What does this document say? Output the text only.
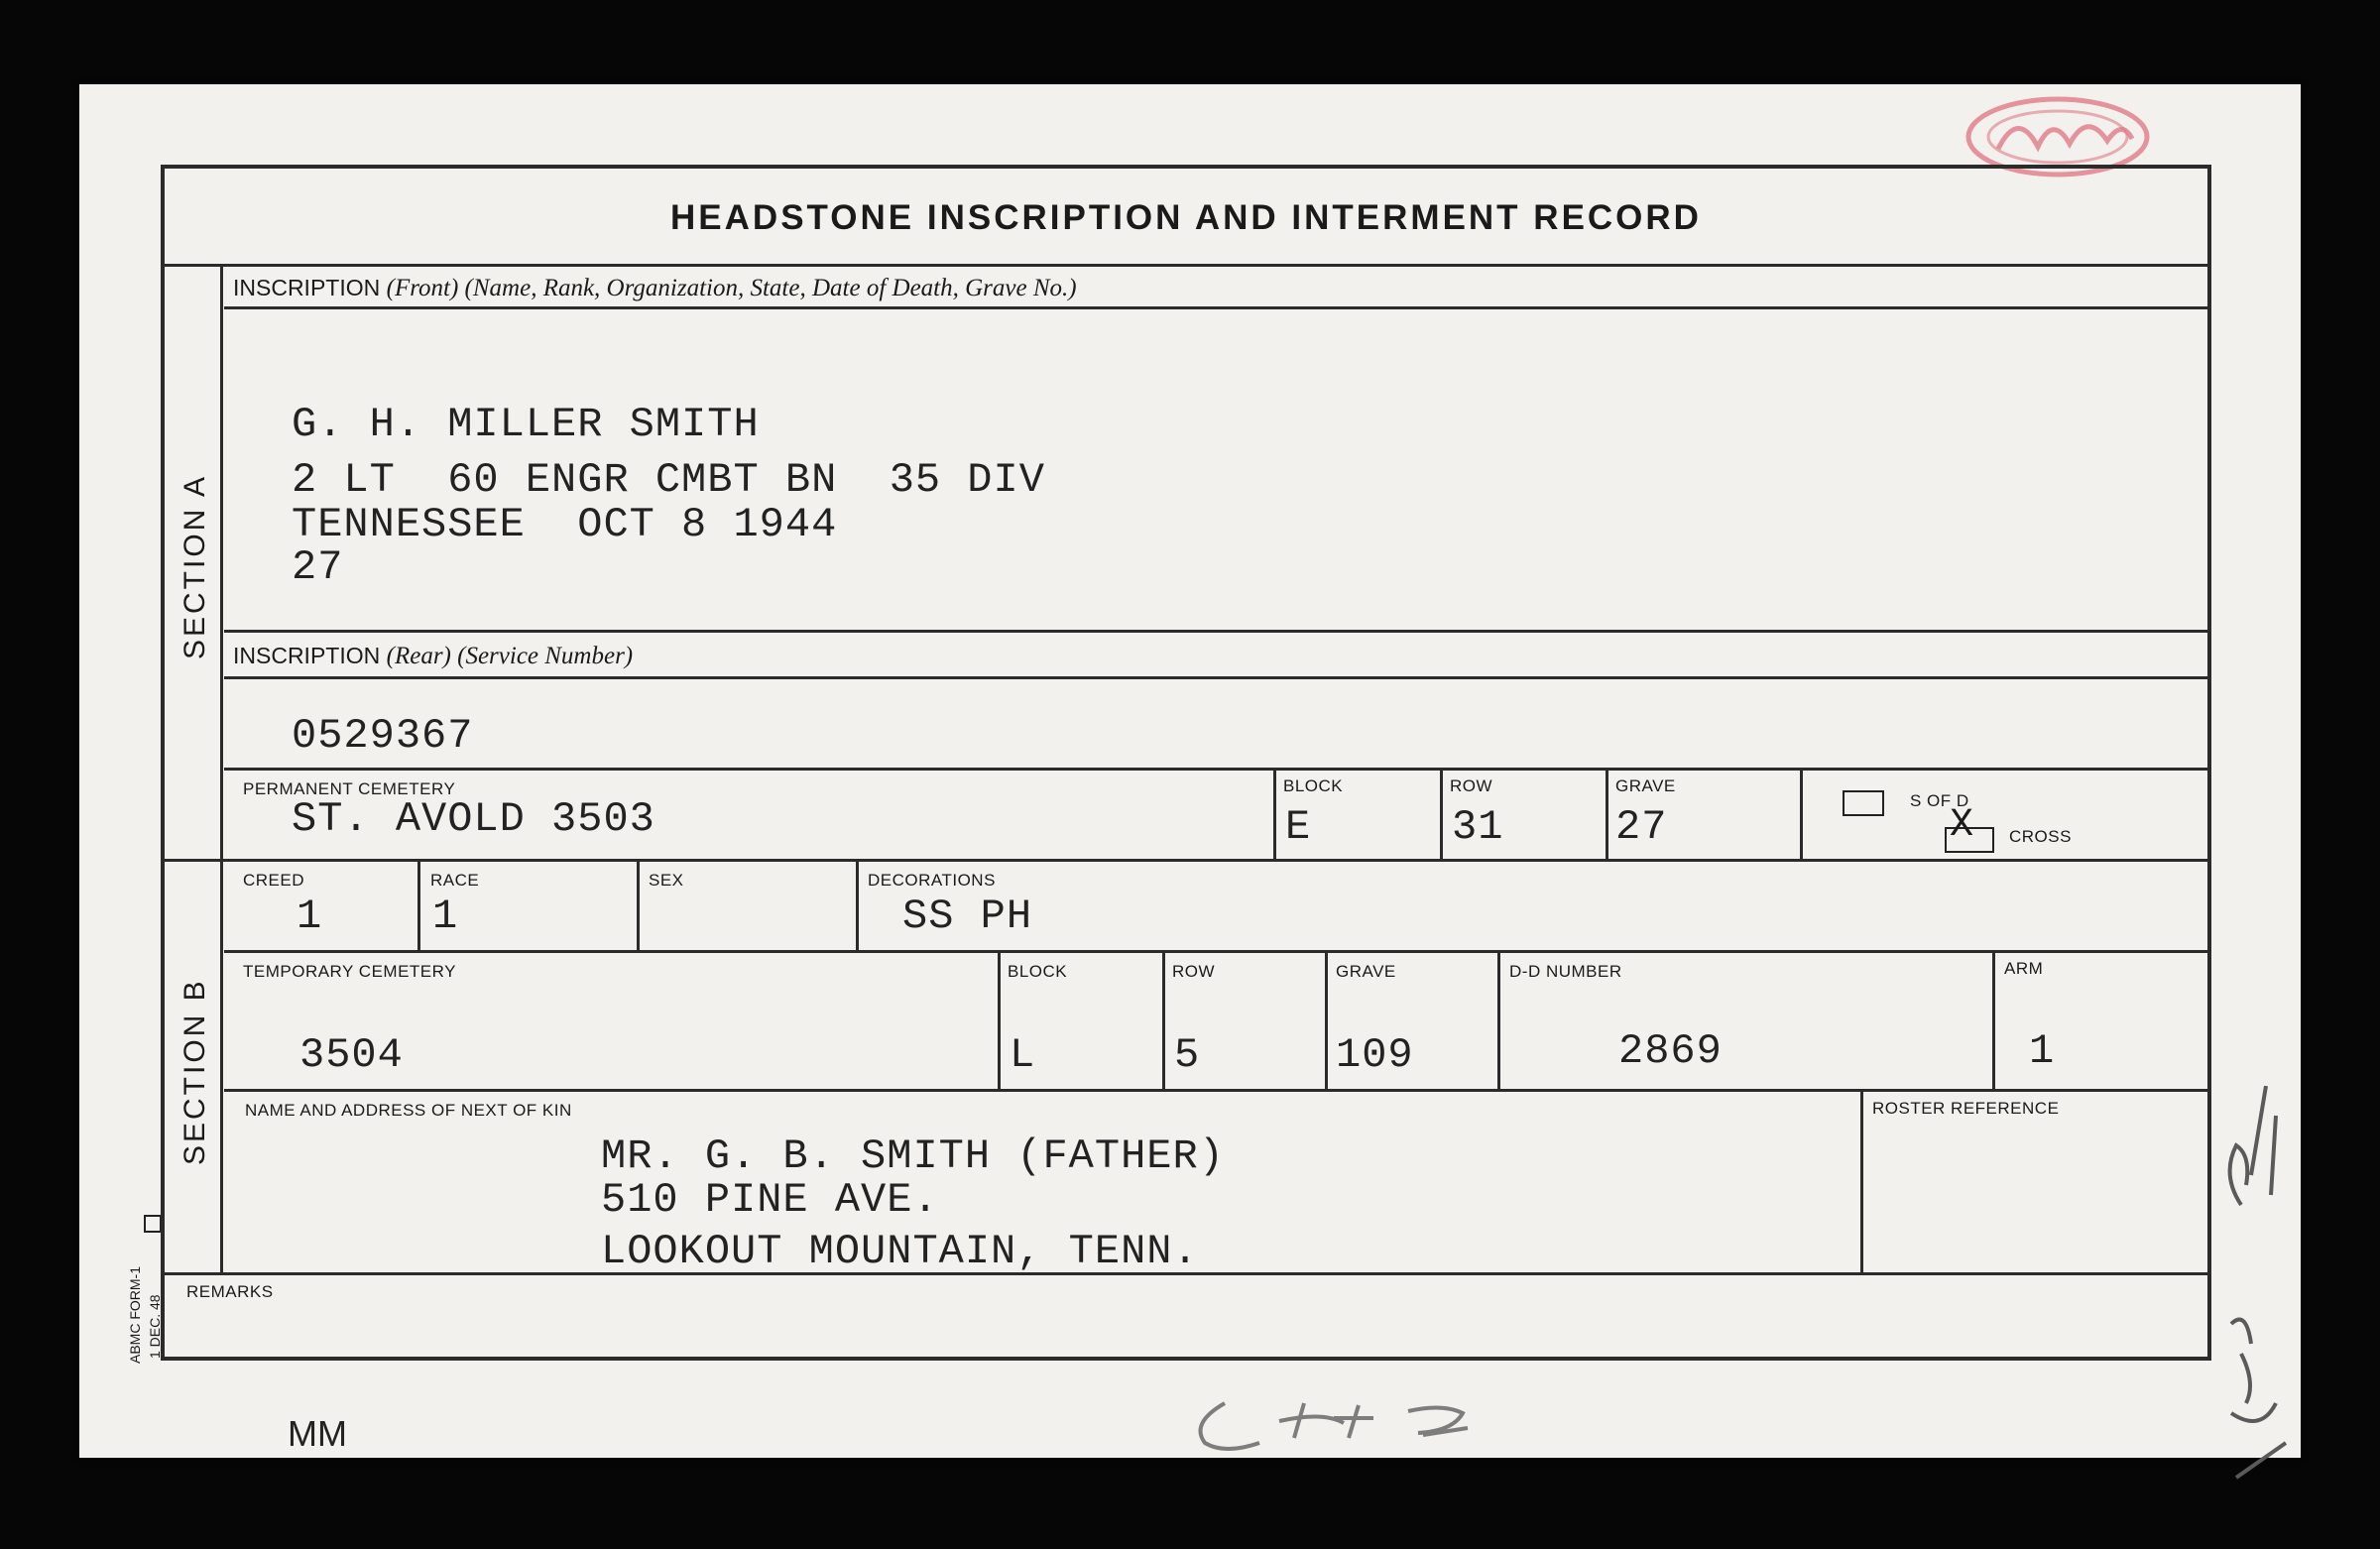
MM
ABMC FORM-1 1 DEC. 48
HEADSTONE INSCRIPTION AND INTERMENT RECORD
SECTION A
SECTION B
INSCRIPTION (Front) (Name, Rank, Organization, State, Date of Death, Grave No.)
G. H. MILLER SMITH
2 LT  60 ENGR CMBT BN  35 DIV
TENNESSEE  OCT 8 1944
27
INSCRIPTION (Rear) (Service Number)
0529367
PERMANENT CEMETERY
ST. AVOLD 3503
BLOCK
E
ROW
31
GRAVE
27
S OF D
X CROSS
CREED
1
RACE
1
SEX	DECORATIONS
SS PH
TEMPORARY CEMETERY
3504
BLOCK
L
ROW
5
GRAVE
109
D-D NUMBER
2869
ARM
1
NAME AND ADDRESS OF NEXT OF KIN
MR. G. B. SMITH (FATHER)
510 PINE AVE.
LOOKOUT MOUNTAIN, TENN.
ROSTER REFERENCE
REMARKS
